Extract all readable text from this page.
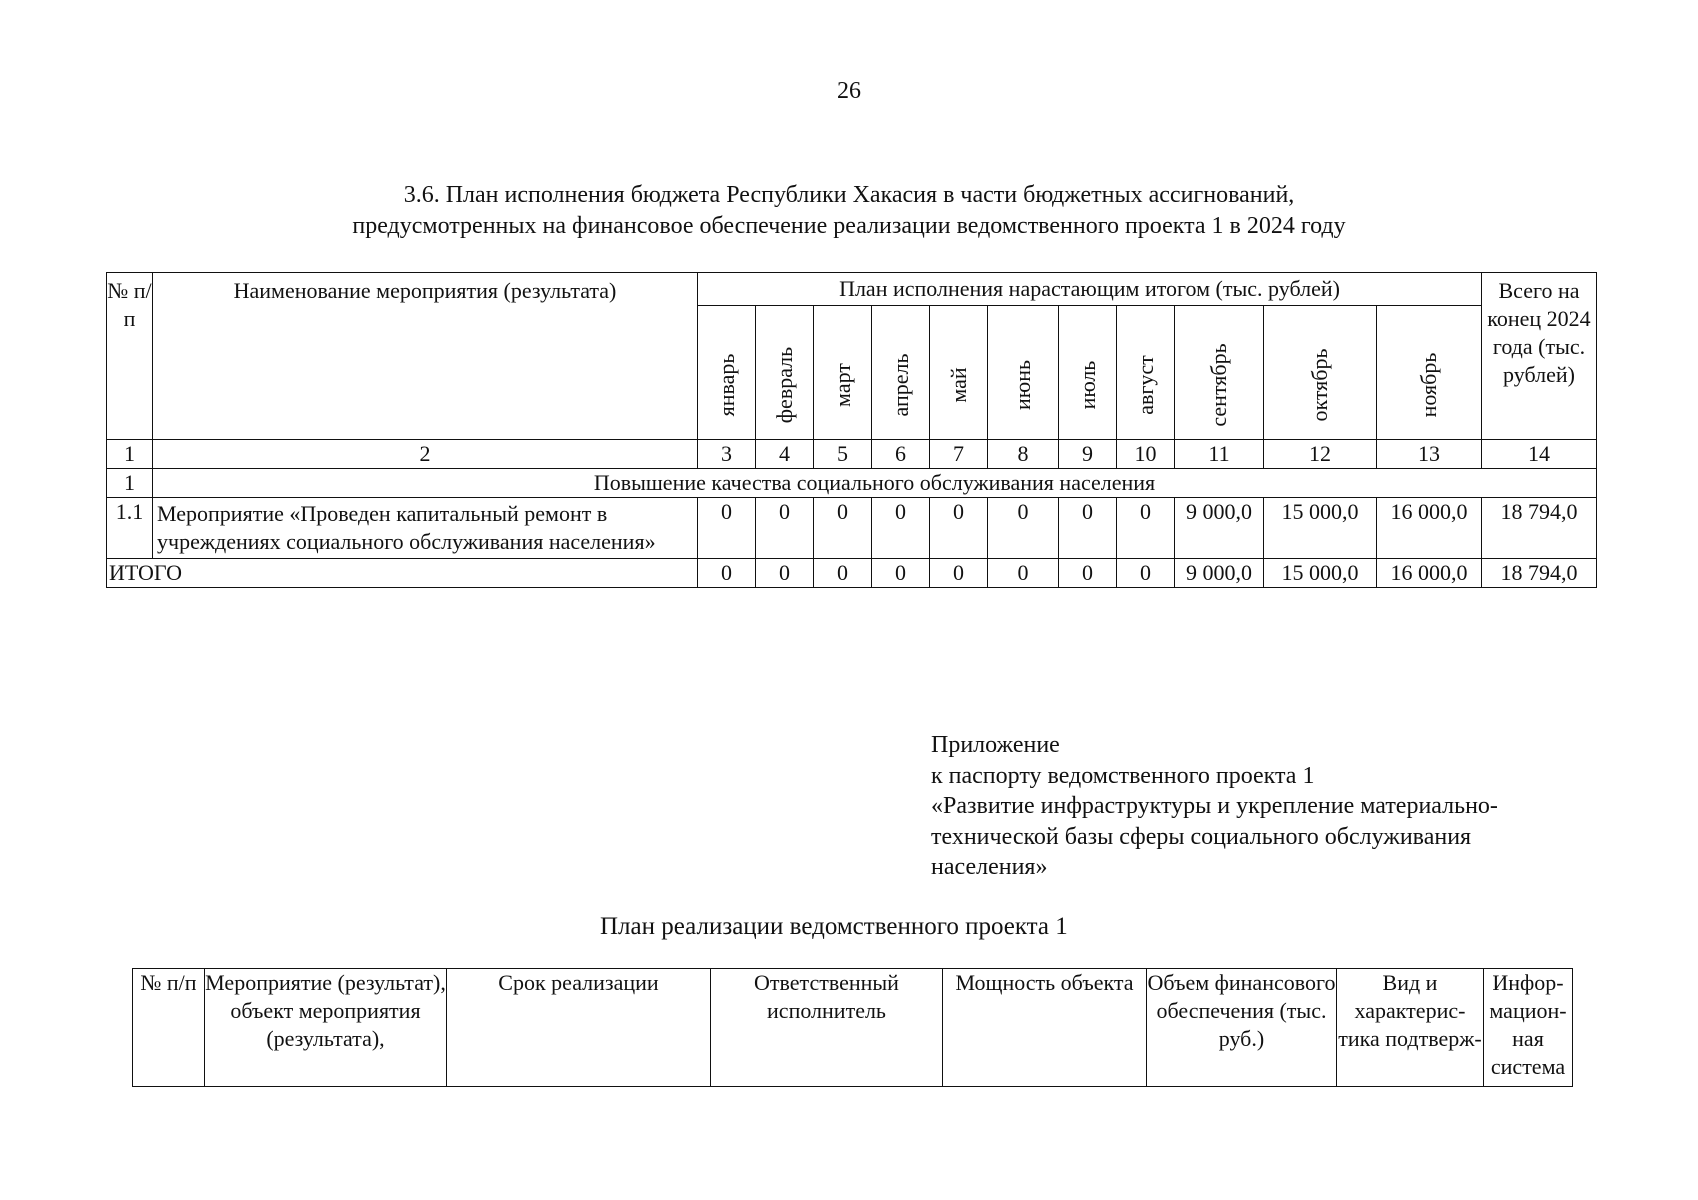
26
3.6. План исполнения бюджета Республики Хакасия в части бюджетных ассигнований,
предусмотренных на финансовое обеспечение реализации ведомственного проекта 1 в 2024 году
№ п/п	Наименование мероприятия (результата)	План исполнения нарастающим итогом (тыс. рублей)											Всего на конец 2024 года (тыс. рублей)

		январь	февраль	март	апрель	май	июнь	июль	август	сентябрь	октябрь	ноябрь	

1	2	3	4	5	6	7	8	9	10	11	12	13	14
1	Повышение качества социального обслуживания населения												
1.1	Мероприятие «Проведен капитальный ремонт в учреждениях социального обслуживания населения»	0	0	0	0	0	0	0	0	9 000,0	15 000,0	16 000,0	18 794,0
ИТОГО		0	0	0	0	0	0	0	0	9 000,0	15 000,0	16 000,0	18 794,0
Приложение
к паспорту ведомственного проекта 1
«Развитие инфраструктуры и укрепление материально-
технической базы сферы социального обслуживания
населения»
План реализации ведомственного проекта 1
№ п/п	Мероприятие (результат), объект мероприятия (результата),	Срок реализации	Ответственный исполнитель	Мощность объекта	Объем финансового обеспечения (тыс. руб.)	Вид и характерис- тика подтверж-	Инфор- мацион- ная система
